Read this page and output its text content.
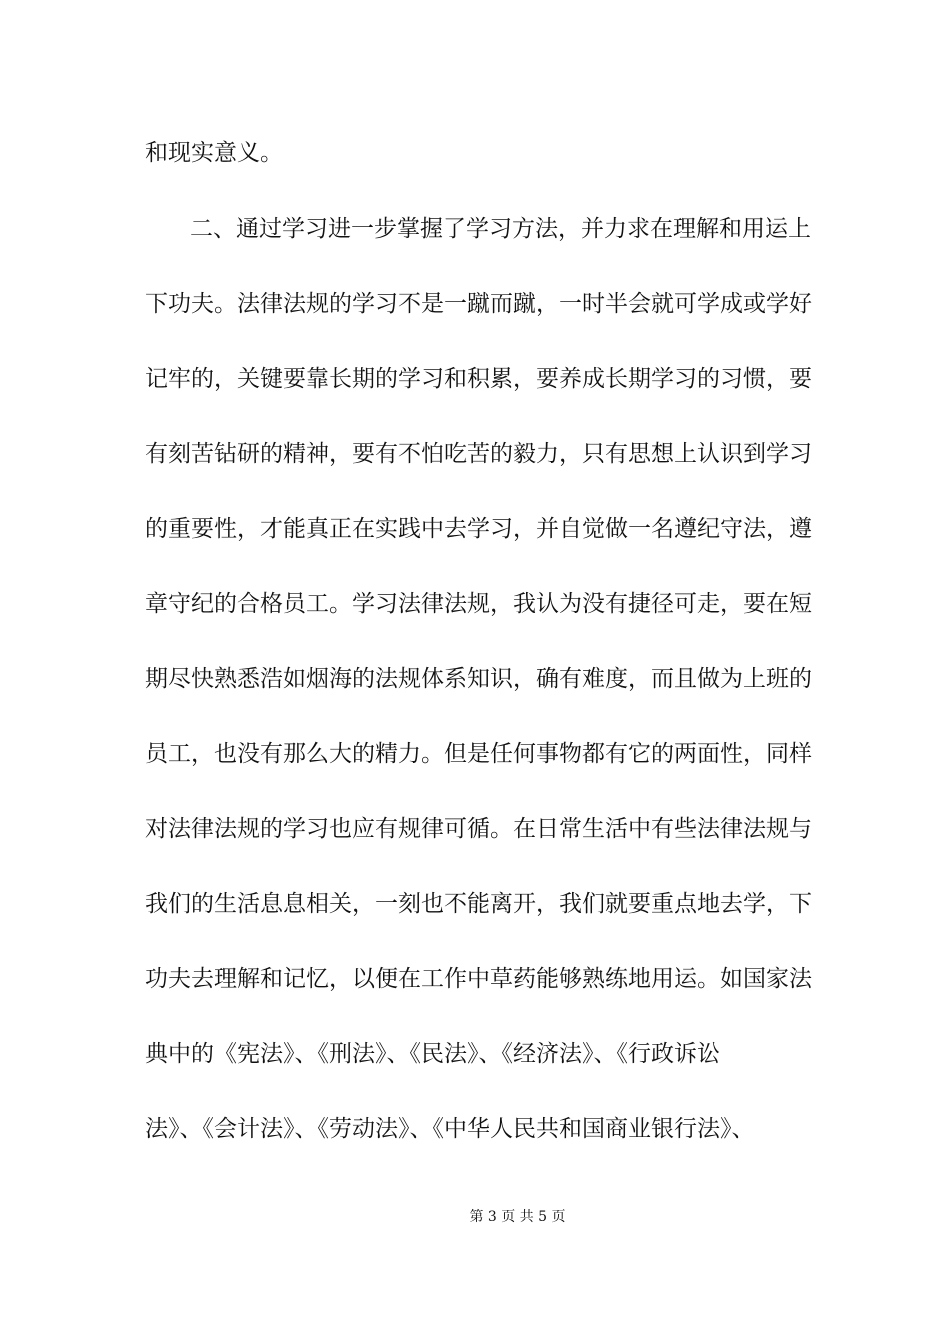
和现实意义。
二、通过学习进一步掌握了学习方法，并力求在理解和用运上
下功夫。法律法规的学习不是一蹴而蹴，一时半会就可学成或学好
记牢的，关键要靠长期的学习和积累，要养成长期学习的习惯，要
有刻苦钻研的精神，要有不怕吃苦的毅力，只有思想上认识到学习
的重要性，才能真正在实践中去学习，并自觉做一名遵纪守法，遵
章守纪的合格员工。学习法律法规，我认为没有捷径可走，要在短
期尽快熟悉浩如烟海的法规体系知识，确有难度，而且做为上班的
员工，也没有那么大的精力。但是任何事物都有它的两面性，同样
对法律法规的学习也应有规律可循。在日常生活中有些法律法规与
我们的生活息息相关，一刻也不能离开，我们就要重点地去学，下
功夫去理解和记忆，以便在工作中草药能够熟练地用运。如国家法
典中的《宪法》、《刑法》、《民法》、《经济法》、《行政诉讼
法》、《会计法》、《劳动法》、《中华人民共和国商业银行法》、
第 3 页 共 5 页
